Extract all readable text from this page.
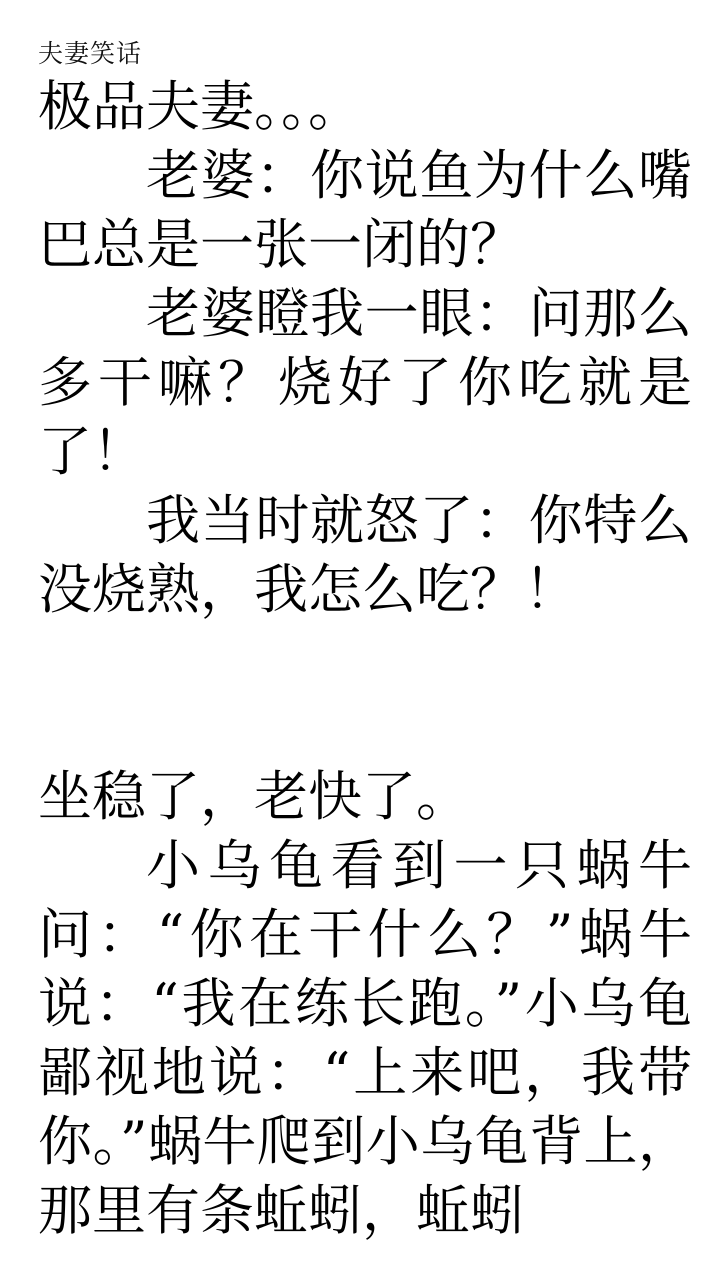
夫妻笑话

极品夫妻。。。

老婆：你说鱼为什么嘴巴总是一张一闭的？

老婆瞪我一眼：问那么多干嘛？烧好了你吃就是了！

我当时就怒了：你特么没烧熟，我怎么吃？！

坐稳了，老快了。

小乌龟看到一只蜗牛问：“你在干什么？”蜗牛说：“我在练长跑。”小乌龟鄙视地说：“上来吧，我带你。”蜗牛爬到小乌龟背上，那里有条蚯蚓，蚯蚓
